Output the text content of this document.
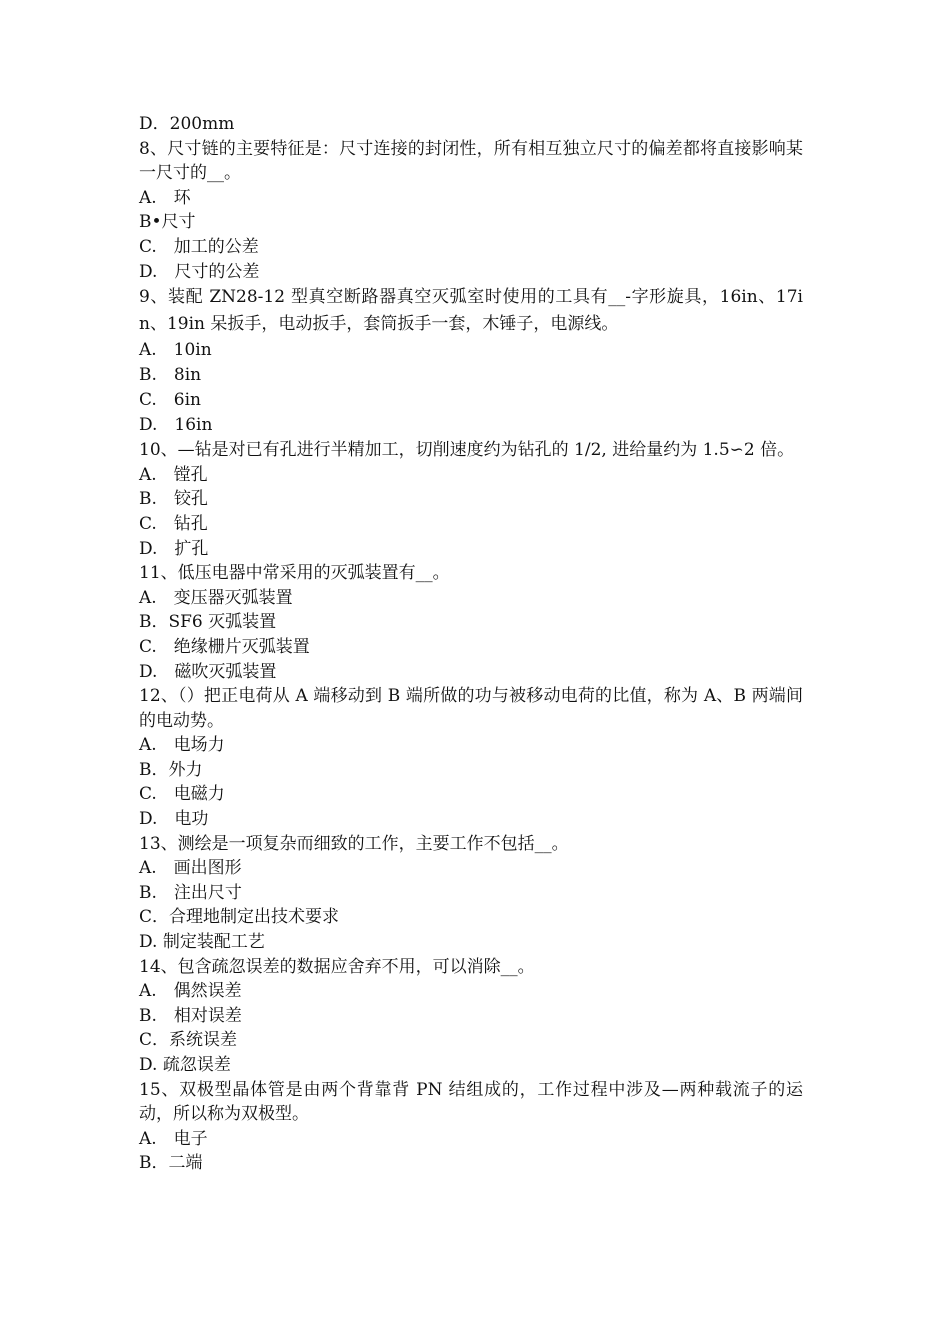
D．200mm
8、尺寸链的主要特征是：尺寸连接的封闭性，所有相互独立尺寸的偏差都将直接影响某一尺寸的__。
A.　环
B•尺寸
C.　加工的公差
D.　尺寸的公差
9、装配 ZN28-12 型真空断路器真空灭弧室时使用的工具有__-字形旋具，16in、17in、19in 呆扳手，电动扳手，套筒扳手一套，木锤子，电源线。
A.　10in
B.　8in
C.　6in
D.　16in
10、—钻是对已有孔进行半精加工，切削速度约为钻孔的 1/2, 进给量约为 1.5∽2 倍。
A.　镗孔
B.　铰孔
C.　钻孔
D.　扩孔
11、低压电器中常采用的灭弧装置有__。
A.　变压器灭弧装置
B．SF6 灭弧装置
C.　绝缘栅片灭弧装置
D.　磁吹灭弧装置
12、（）把正电荷从 A 端移动到 B 端所做的功与被移动电荷的比值，称为 A、B 两端间的电动势。
A.　电场力
B．外力
C.　电磁力
D.　电功
13、测绘是一项复杂而细致的工作，主要工作不包括__。
A.　画出图形
B.　注出尺寸
C．合理地制定出技术要求
D. 制定装配工艺
14、包含疏忽误差的数据应舍弃不用，可以消除__。
A.　偶然误差
B.　相对误差
C．系统误差
D. 疏忽误差
15、双极型晶体管是由两个背靠背 PN 结组成的，工作过程中涉及—两种载流子的运动，所以称为双极型。
A.　电子
B．二端
